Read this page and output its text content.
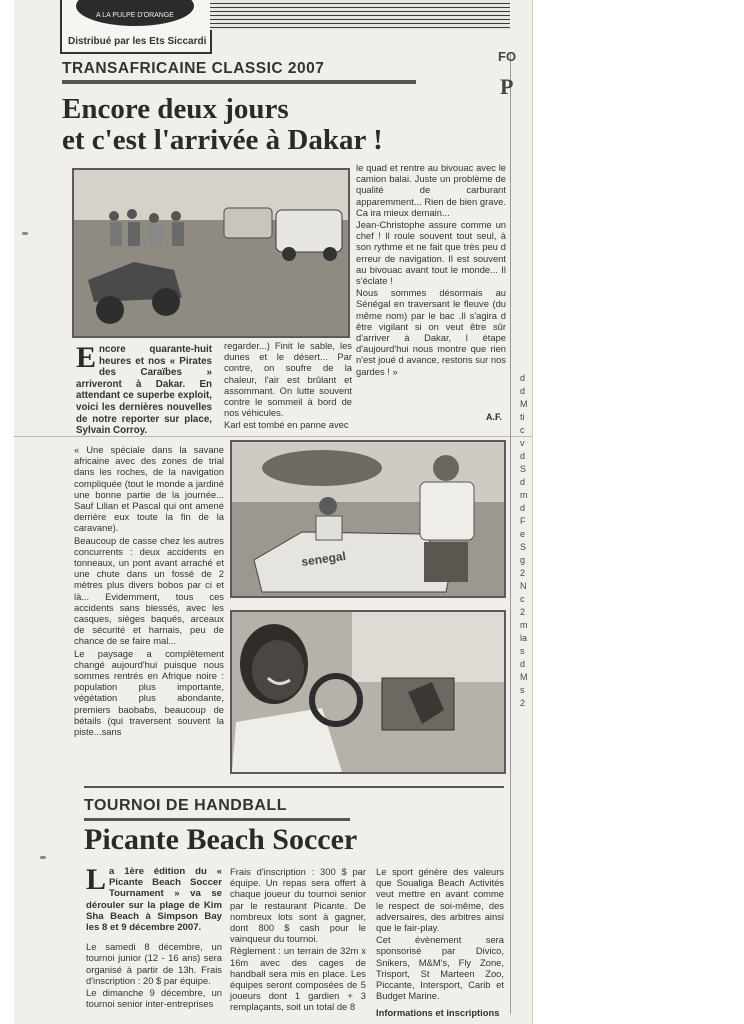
A LA PULPE D'ORANGE
Distribué par les Ets Siccardi
TRANSAFRICAINE CLASSIC 2007
Encore deux jours
et c'est l'arrivée à Dakar !

le quad et rentre au bivouac avec le camion balai. Juste un problème de qualité de carburant apparemment... Rien de bien grave. Ca ira mieux demain...

Jean-Christophe assure comme un chef ! Il roule souvent tout seul, à son rythme et ne fait que très peu d erreur de navigation. Il est souvent au bivouac avant tout le monde... Il s'éclate !

Nous sommes désormais au Sénégal en traversant le fleuve (du même nom) par le bac .Il s'agira d être vigilant si on veut être sûr d'arriver à Dakar, l étape d'aujourd'hui nous montre que rien n'est joué d avance, restons sur nos gardes ! »

A.F.
Encore quarante-huit heures et nos « Pirates des Caraïbes » arriveront à Dakar. En attendant ce superbe exploit, voici les dernières nouvelles de notre reporter sur place, Sylvain Corroy.

regarder...) Finit le sable, les dunes et le désert... Par contre, on soufre de la chaleur, l'air est brûlant et assommant. On lutte souvent contre le sommeil à bord de nos véhicules.

Karl est tombé en panne avec

« Une spéciale dans la savane africaine avec des zones de trial dans les roches, de la navigation compliquée (tout le monde a jardiné une bonne partie de la journée... Sauf Lilian et Pascal qui ont amené derrière eux toute la fin de la caravane).

Beaucoup de casse chez les autres concurrents : deux accidents en tonneaux, un pont avant arraché et une chute dans un fossé de 2 mètres plus divers bobos par ci et là... Evidemment, tous ces accidents sans blessés, avec les casques, sièges baqués, arceaux de sécurité et harnais, peu de chance de se faire mal...

Le paysage a complètement changé aujourd'hui puisque nous sommes rentrés en Afrique noire : population plus importante, végétation plus abondante, premiers baobabs, beaucoup de bétails (qui traversent souvent la piste...sans

senegal
TOURNOI DE HANDBALL
Picante Beach Soccer

La 1ère édition du « Picante Beach Soccer Tournament » va se dérouler sur la plage de Kim Sha Beach à Simpson Bay les 8 et 9 décembre 2007.

Le samedi 8 décembre, un tournoi junior (12 - 16 ans) sera organisé à partir de 13h. Frais d'inscription : 20 $ par équipe.

Le dimanche 9 décembre, un tournoi senior inter-entreprises

Frais d'inscription : 300 $ par équipe. Un repas sera offert à chaque joueur du tournoi senior par le restaurant Picante. De nombreux lots sont à gagner, dont 800 $ cash pour le vainqueur du tournoi.

Règlement : un terrain de 32m x 16m avec des cages de handball sera mis en place. Les équipes seront composées de 5 joueurs dont 1 gardien + 3 remplaçants, soit un total de 8

Le sport génère des valeurs que Soualiga Beach Activités veut mettre en avant comme le respect de soi-même, des adversaires, des arbitres ainsi que le fair-play.

Cet évènement sera sponsorisé par Divico, Snikers, M&M's, Fly Zone, Trisport, St Marteen Zoo, Piccante, Intersport, Carib et Budget Marine.

Informations et inscriptions

FO
P
d
d
M
ti
c
v
d
S
d
m
d
F
e
S
g
2
N
c
2
m
la
s
d
M
s
2
